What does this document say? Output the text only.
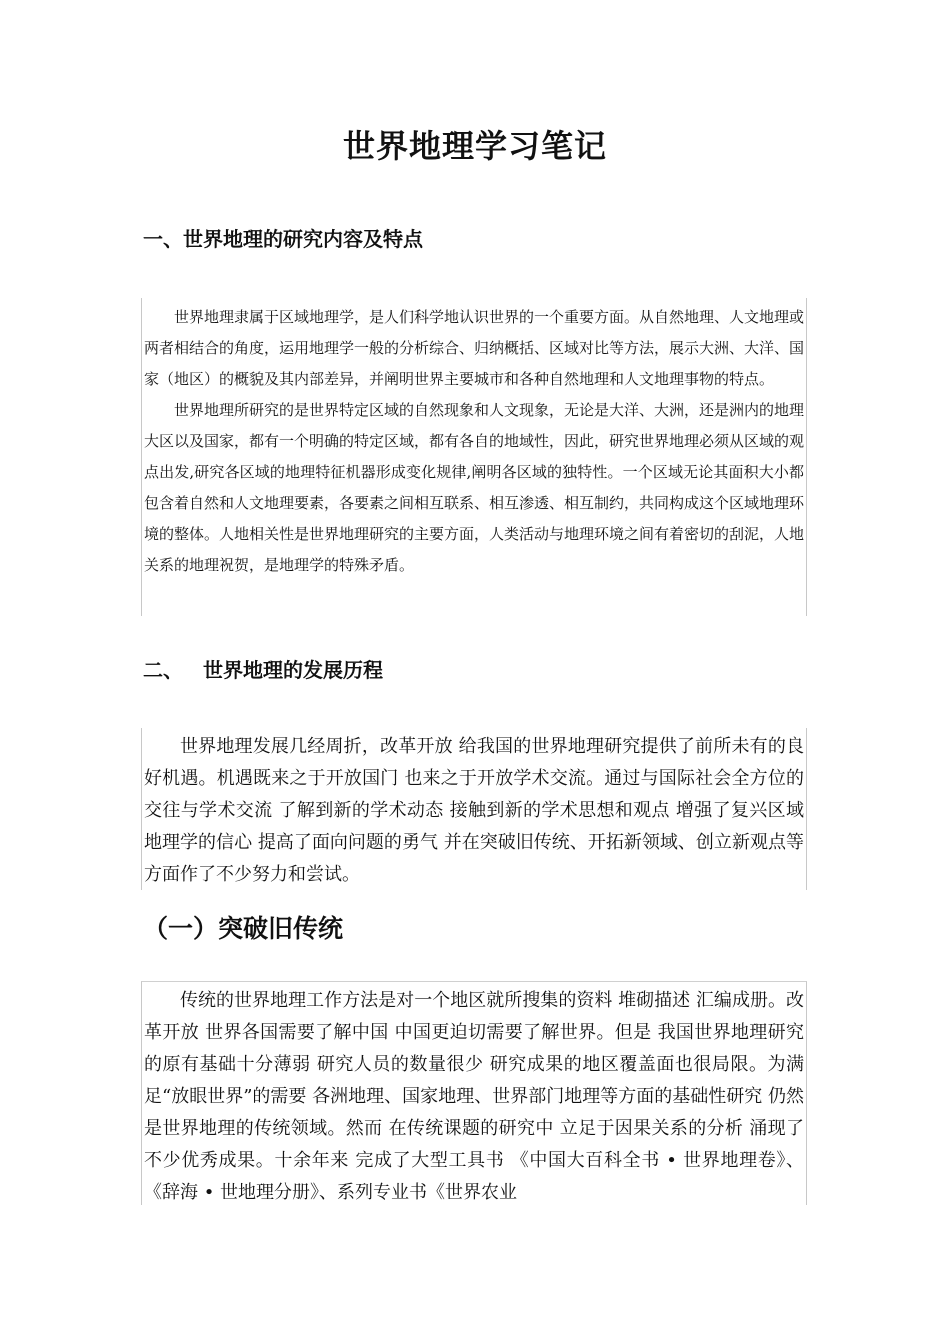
世界地理学习笔记
一、世界地理的研究内容及特点

世界地理隶属于区域地理学，是人们科学地认识世界的一个重要方面。从自然地理、人文地理或两者相结合的角度，运用地理学一般的分析综合、归纳概括、区域对比等方法，展示大洲、大洋、国家（地区）的概貌及其内部差异，并阐明世界主要城市和各种自然地理和人文地理事物的特点。

世界地理所研究的是世界特定区域的自然现象和人文现象，无论是大洋、大洲，还是洲内的地理大区以及国家，都有一个明确的特定区域，都有各自的地域性，因此，研究世界地理必须从区域的观点出发,研究各区域的地理特征机器形成变化规律,阐明各区域的独特性。一个区域无论其面积大小都包含着自然和人文地理要素，各要素之间相互联系、相互渗透、相互制约，共同构成这个区域地理环境的整体。人地相关性是世界地理研究的主要方面，人类活动与地理环境之间有着密切的刮泥，人地关系的地理祝贺，是地理学的特殊矛盾。

二、 世界地理的发展历程

世界地理发展几经周折，改革开放 给我国的世界地理研究提供了前所未有的良好机遇。机遇既来之于开放国门 也来之于开放学术交流。通过与国际社会全方位的交往与学术交流 了解到新的学术动态 接触到新的学术思想和观点 增强了复兴区域地理学的信心 提高了面向问题的勇气 并在突破旧传统、开拓新领域、创立新观点等方面作了不少努力和尝试。

（一）突破旧传统

传统的世界地理工作方法是对一个地区就所搜集的资料 堆砌描述 汇编成册。改革开放 世界各国需要了解中国 中国更迫切需要了解世界。但是 我国世界地理研究的原有基础十分薄弱 研究人员的数量很少 研究成果的地区覆盖面也很局限。为满足“放眼世界”的需要 各洲地理、国家地理、世界部门地理等方面的基础性研究 仍然是世界地理的传统领域。然而 在传统课题的研究中 立足于因果关系的分析 涌现了不少优秀成果。十余年来 完成了大型工具书 《中国大百科全书 • 世界地理卷》、《辞海 • 世地理分册》、系列专业书《世界农业
